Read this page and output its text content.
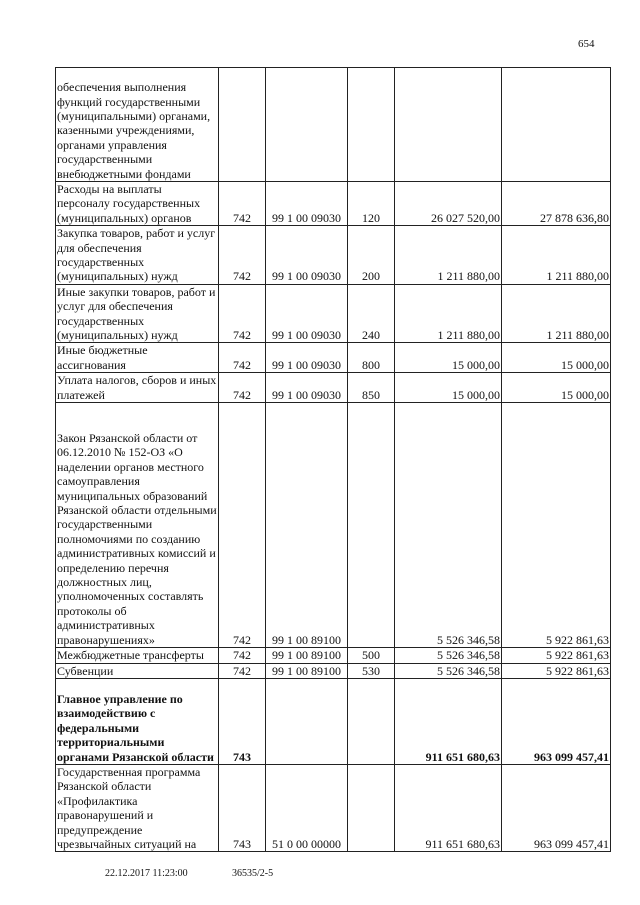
654
обеспечения выполнения функций государственными (муниципальными) органами, казенными учреждениями, органами управления государственными внебюджетными фондами					
Расходы на выплаты персоналу государственных (муниципальных) органов	742	99 1 00 09030	120	26 027 520,00	27 878 636,80
Закупка товаров, работ и услуг для обеспечения государственных (муниципальных) нужд	742	99 1 00 09030	200	1 211 880,00	1 211 880,00
Иные закупки товаров, работ и услуг для обеспечения государственных (муниципальных) нужд	742	99 1 00 09030	240	1 211 880,00	1 211 880,00
Иные бюджетные ассигнования	742	99 1 00 09030	800	15 000,00	15 000,00
Уплата налогов, сборов и иных платежей	742	99 1 00 09030	850	15 000,00	15 000,00
Закон Рязанской области от 06.12.2010 № 152-ОЗ «О наделении органов местного самоуправления муниципальных образований Рязанской области отдельными государственными полномочиями по созданию административных комиссий и определению перечня должностных лиц, уполномоченных составлять протоколы об административных правонарушениях»	742	99 1 00 89100		5 526 346,58	5 922 861,63
Межбюджетные трансферты	742	99 1 00 89100	500	5 526 346,58	5 922 861,63
Субвенции	742	99 1 00 89100	530	5 526 346,58	5 922 861,63
Главное управление по взаимодействию с федеральными территориальными органами Рязанской области	743			911 651 680,63	963 099 457,41
Государственная программа Рязанской области «Профилактика правонарушений и предупреждение чрезвычайных ситуаций на	743	51 0 00 00000		911 651 680,63	963 099 457,41
22.12.2017 11:23:00	36535/2-5
